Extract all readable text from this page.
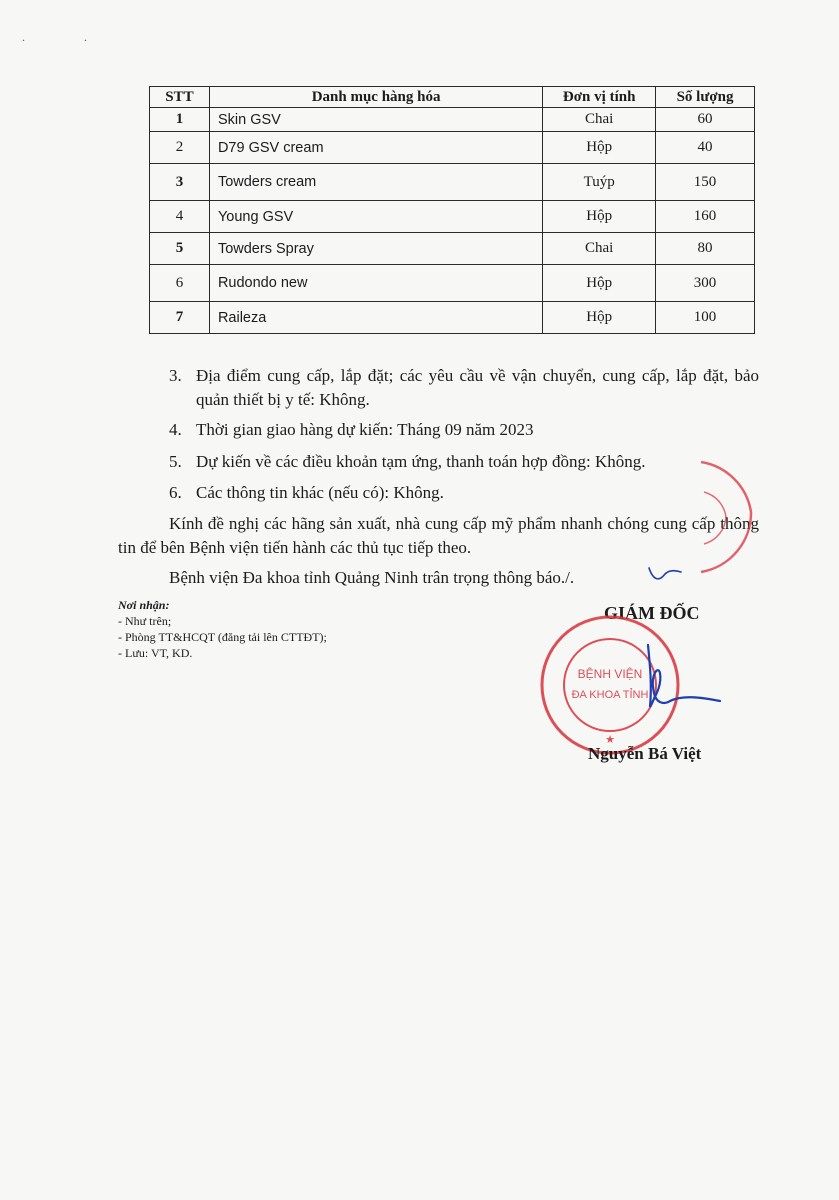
. .
STT	Danh mục hàng hóa	Đơn vị tính	Số lượng
1	Skin GSV	Chai	60
2	D79 GSV cream	Hộp	40
3	Towders cream	Tuýp	150
4	Young GSV	Hộp	160
5	Towders Spray	Chai	80
6	Rudondo new	Hộp	300
7	Raileza	Hộp	100
3. Địa điểm cung cấp, lắp đặt; các yêu cầu về vận chuyển, cung cấp, lắp đặt, bảo quản thiết bị y tế: Không.
4. Thời gian giao hàng dự kiến: Tháng 09 năm 2023
5. Dự kiến về các điều khoản tạm ứng, thanh toán hợp đồng: Không.
6. Các thông tin khác (nếu có): Không.
Kính đề nghị các hãng sản xuất, nhà cung cấp mỹ phẩm nhanh chóng cung cấp thông tin để bên Bệnh viện tiến hành các thủ tục tiếp theo.
Bệnh viện Đa khoa tỉnh Quảng Ninh trân trọng thông báo./.
Nơi nhận:
- Như trên;
- Phòng TT&HCQT (đăng tải lên CTTĐT);
- Lưu: VT, KD.
GIÁM ĐỐC
BỆNH VIỆN
ĐA KHOA TỈNH
★
Nguyễn Bá Việt
